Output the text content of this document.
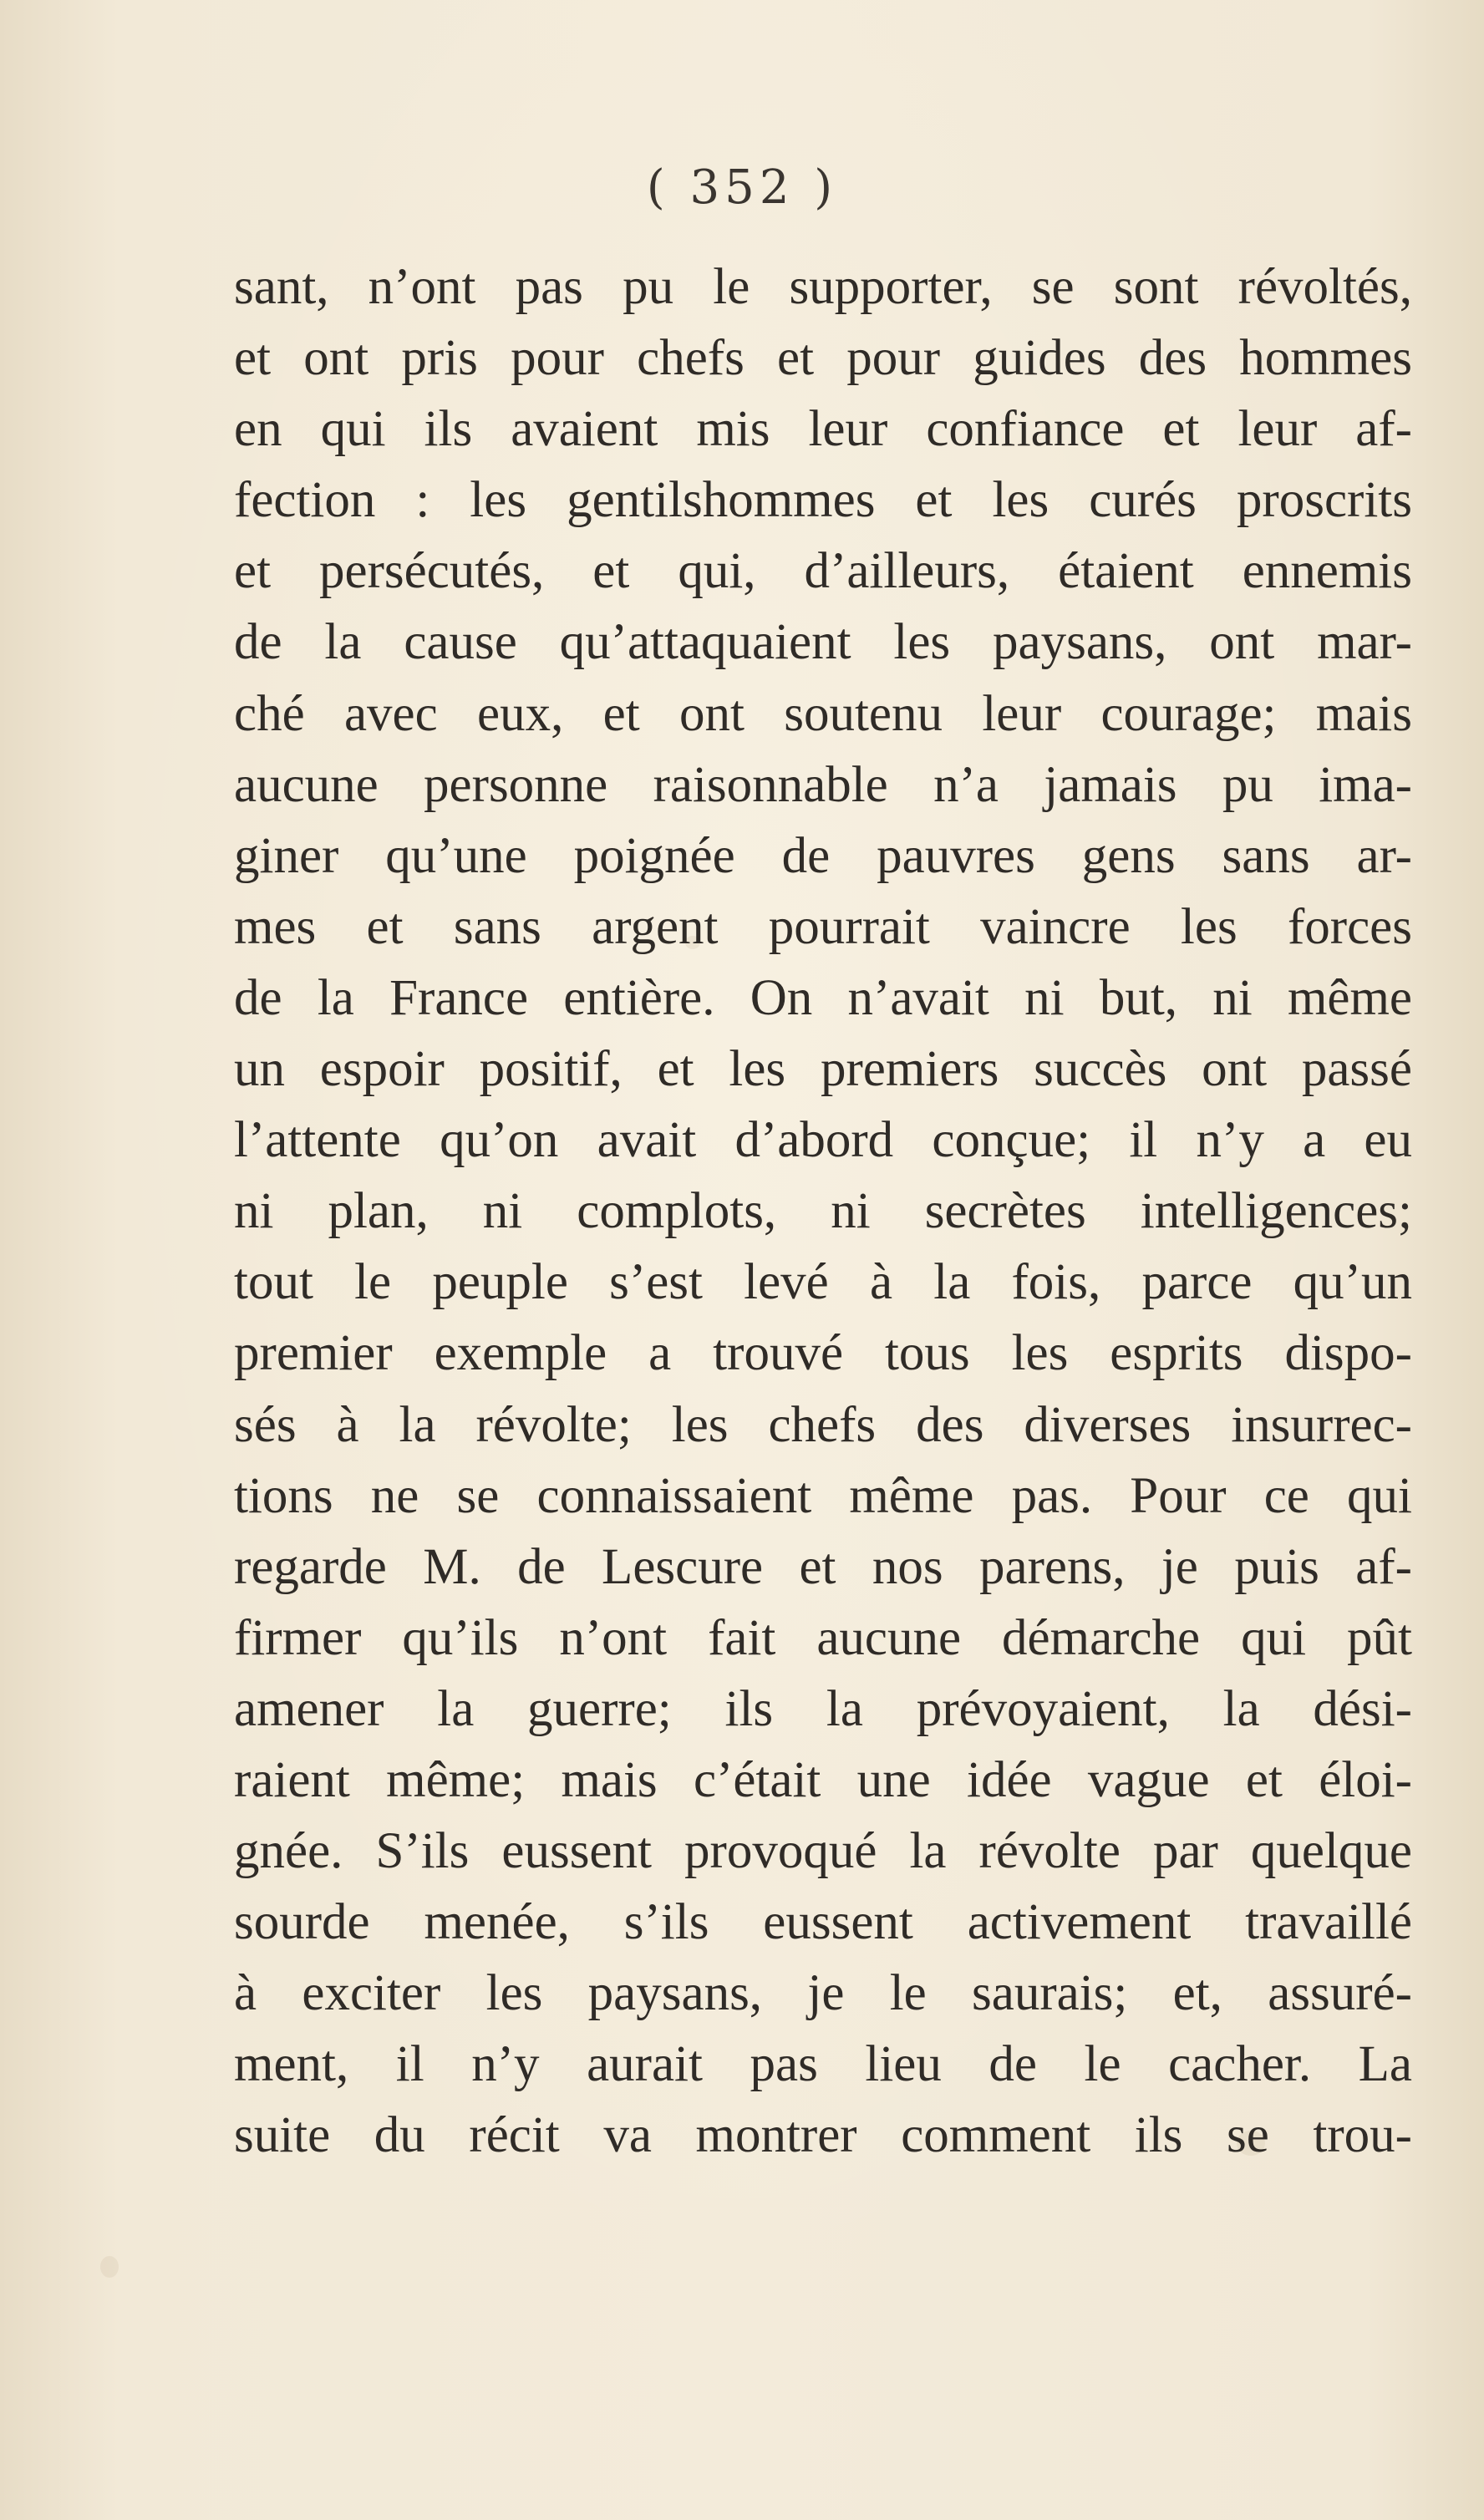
( 352 )
sant, n’ont pas pu le supporter, se sont révoltés,
et ont pris pour chefs et pour guides des hommes
en qui ils avaient mis leur confiance et leur af-
fection : les gentilshommes et les curés proscrits
et persécutés, et qui, d’ailleurs, étaient ennemis
de la cause qu’attaquaient les paysans, ont mar-
ché avec eux, et ont soutenu leur courage; mais
aucune personne raisonnable n’a jamais pu ima-
giner qu’une poignée de pauvres gens sans ar-
mes et sans argent pourrait vaincre les forces
de la France entière. On n’avait ni but, ni même
un espoir positif, et les premiers succès ont passé
l’attente qu’on avait d’abord conçue; il n’y a eu
ni plan, ni complots, ni secrètes intelligences;
tout le peuple s’est levé à la fois, parce qu’un
premier exemple a trouvé tous les esprits dispo-
sés à la révolte; les chefs des diverses insurrec-
tions ne se connaissaient même pas. Pour ce qui
regarde M. de Lescure et nos parens, je puis af-
firmer qu’ils n’ont fait aucune démarche qui pût
amener la guerre; ils la prévoyaient, la dési-
raient même; mais c’était une idée vague et éloi-
gnée. S’ils eussent provoqué la révolte par quelque
sourde menée, s’ils eussent activement travaillé
à exciter les paysans, je le saurais; et, assuré-
ment, il n’y aurait pas lieu de le cacher. La
suite du récit va montrer comment ils se trou-
